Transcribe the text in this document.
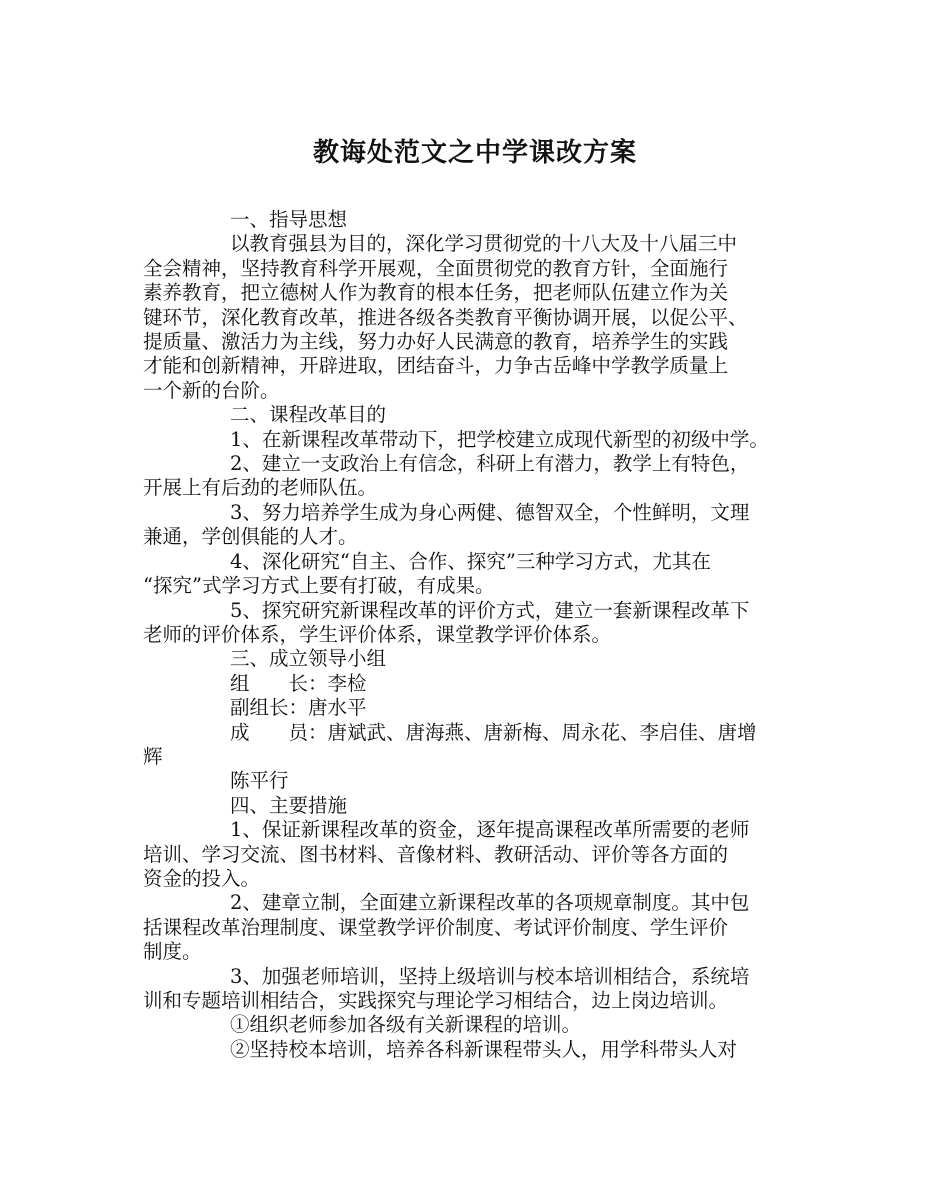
教诲处范文之中学课改方案
一、指导思想
以教育强县为目的，深化学习贯彻党的十八大及十八届三中
全会精神，坚持教育科学开展观，全面贯彻党的教育方针，全面施行
素养教育，把立德树人作为教育的根本任务，把老师队伍建立作为关
键环节，深化教育改革，推进各级各类教育平衡协调开展，以促公平、
提质量、激活力为主线，努力办好人民满意的教育，培养学生的实践
才能和创新精神，开辟进取，团结奋斗，力争古岳峰中学教学质量上
一个新的台阶。
二、课程改革目的
1、在新课程改革带动下，把学校建立成现代新型的初级中学。
2、建立一支政治上有信念，科研上有潜力，教学上有特色，
开展上有后劲的老师队伍。
3、努力培养学生成为身心两健、德智双全，个性鲜明，文理
兼通，学创俱能的人才。
4、深化研究“自主、合作、探究”三种学习方式，尤其在
“探究”式学习方式上要有打破，有成果。
5、探究研究新课程改革的评价方式，建立一套新课程改革下
老师的评价体系，学生评价体系，课堂教学评价体系。
三、成立领导小组
组　　长：李检
副组长：唐水平
成　　员：唐斌武、唐海燕、唐新梅、周永花、李启佳、唐增
辉
陈平行
四、主要措施
1、保证新课程改革的资金，逐年提高课程改革所需要的老师
培训、学习交流、图书材料、音像材料、教研活动、评价等各方面的
资金的投入。
2、建章立制，全面建立新课程改革的各项规章制度。其中包
括课程改革治理制度、课堂教学评价制度、考试评价制度、学生评价
制度。
3、加强老师培训，坚持上级培训与校本培训相结合，系统培
训和专题培训相结合，实践探究与理论学习相结合，边上岗边培训。
①组织老师参加各级有关新课程的培训。
②坚持校本培训，培养各科新课程带头人，用学科带头人对
